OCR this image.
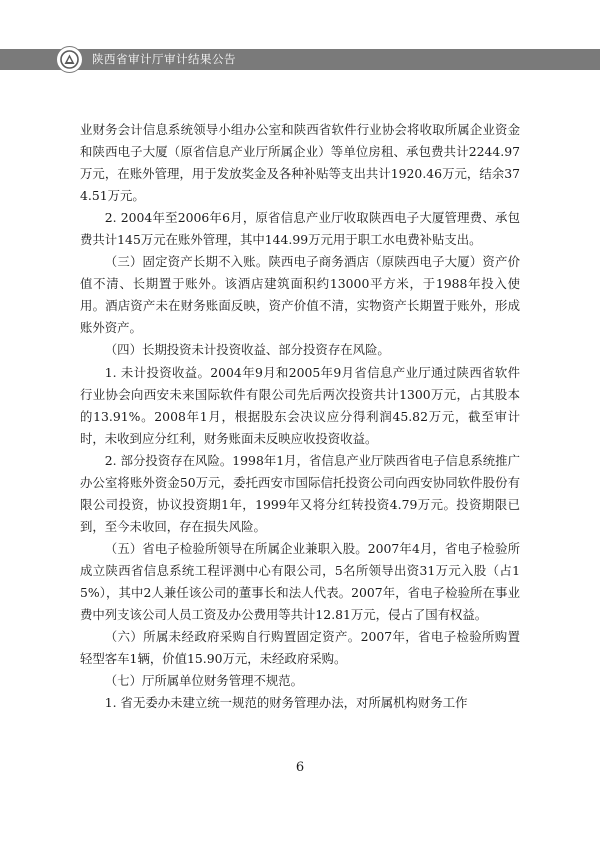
陕西省审计厅审计结果公告

业财务会计信息系统领导小组办公室和陕西省软件行业协会将收取所属企业资金和陕西电子大厦（原省信息产业厅所属企业）等单位房租、承包费共计2244.97万元，在账外管理，用于发放奖金及各种补贴等支出共计1920.46万元，结余374.51万元。

2. 2004年至2006年6月，原省信息产业厅收取陕西电子大厦管理费、承包费共计145万元在账外管理，其中144.99万元用于职工水电费补贴支出。

（三）固定资产长期不入账。陕西电子商务酒店（原陕西电子大厦）资产价值不清、长期置于账外。该酒店建筑面积约13000平方米，于1988年投入使用。酒店资产未在财务账面反映，资产价值不清，实物资产长期置于账外，形成账外资产。

（四）长期投资未计投资收益、部分投资存在风险。

1. 未计投资收益。2004年9月和2005年9月省信息产业厅通过陕西省软件行业协会向西安未来国际软件有限公司先后两次投资共计1300万元，占其股本的13.91%。2008年1月，根据股东会决议应分得利润45.82万元，截至审计时，未收到应分红利，财务账面未反映应收投资收益。

2. 部分投资存在风险。1998年1月，省信息产业厅陕西省电子信息系统推广办公室将账外资金50万元，委托西安市国际信托投资公司向西安协同软件股份有限公司投资，协议投资期1年，1999年又将分红转投资4.79万元。投资期限已到，至今未收回，存在损失风险。

（五）省电子检验所领导在所属企业兼职入股。2007年4月，省电子检验所成立陕西省信息系统工程评测中心有限公司，5名所领导出资31万元入股（占15%），其中2人兼任该公司的董事长和法人代表。2007年，省电子检验所在事业费中列支该公司人员工资及办公费用等共计12.81万元，侵占了国有权益。

（六）所属未经政府采购自行购置固定资产。2007年，省电子检验所购置轻型客车1辆，价值15.90万元，未经政府采购。

（七）厅所属单位财务管理不规范。

1. 省无委办未建立统一规范的财务管理办法，对所属机构财务工作

6
